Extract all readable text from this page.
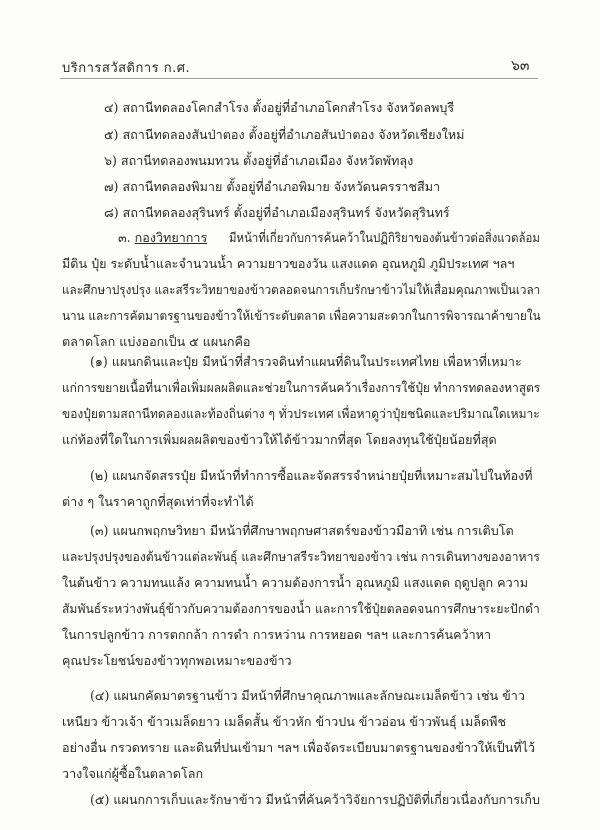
บริการสวัสดิการ ก.ศ.	๖๓
๔) สถานีทดลองโคกสำโรง ตั้งอยู่ที่อำเภอโคกสำโรง จังหวัดลพบุรี
๕) สถานีทดลองสันป่าตอง ตั้งอยู่ที่อำเภอสันป่าตอง จังหวัดเชียงใหม่
๖) สถานีทดลองพนมทวน ตั้งอยู่ที่อำเภอเมือง จังหวัดพัทลุง
๗) สถานีทดลองพิมาย ตั้งอยู่ที่อำเภอพิมาย จังหวัดนครราชสีมา
๘) สถานีทดลองสุรินทร์ ตั้งอยู่ที่อำเภอเมืองสุรินทร์ จังหวัดสุรินทร์
๓. กองวิทยาการ มีหน้าที่เกี่ยวกับการค้นคว้าในปฏิกิริยาของต้นข้าวต่อสิ่งแวดล้อม
มีดิน ปุ๋ย ระดับน้ำและจำนวนน้ำ ความยาวของวัน แสงแดด อุณหภูมิ ภูมิประเทศ ฯลฯ
และศึกษาปรุงปรุง และสรีระวิทยาของข้าวตลอดจนการเก็บรักษาข้าวไม่ให้เสื่อมคุณภาพเป็นเวลา
นาน และการคัดมาตรฐานของข้าวให้เข้าระดับตลาด เพื่อความสะดวกในการพิจารณาค้าขายใน
ตลาดโลก แบ่งออกเป็น ๕ แผนกคือ
(๑) แผนกดินและปุ๋ย มีหน้าที่สำรวจดินทำแผนที่ดินในประเทศไทย เพื่อหาที่เหมาะ
แก่การขยายเนื้อที่นาเพื่อเพิ่มผลผลิตและช่วยในการค้นคว้าเรื่องการใช้ปุ๋ย ทำการทดลองหาสูตร
ของปุ๋ยตามสถานีทดลองและท้องถิ่นต่าง ๆ ทั่วประเทศ เพื่อหาดูว่าปุ๋ยชนิดและปริมาณใดเหมาะ
แก่ท้องที่ใดในการเพิ่มผลผลิตของข้าวให้ได้ข้าวมากที่สุด โดยลงทุนใช้ปุ๋ยน้อยที่สุด
(๒) แผนกจัดสรรปุ๋ย มีหน้าที่ทำการซื้อและจัดสรรจำหน่ายปุ๋ยที่เหมาะสมไปในท้องที่
ต่าง ๆ ในราคาถูกที่สุดเท่าที่จะทำได้
(๓) แผนกพฤกษวิทยา มีหน้าที่ศึกษาพฤกษศาสตร์ของข้าวมีอาทิ เช่น การเติบโต
และปรุงปรุงของต้นข้าวแต่ละพันธุ์ และศึกษาสรีระวิทยาของข้าว เช่น การเดินทางของอาหาร
ในต้นข้าว ความทนแล้ง ความทนน้ำ ความต้องการน้ำ อุณหภูมิ แสงแดด ฤดูปลูก ความ
สัมพันธ์ระหว่างพันธุ์ข้าวกับความต้องการของน้ำ และการใช้ปุ๋ยตลอดจนการศึกษาระยะปักดำ
ในการปลูกข้าว การตกกล้า การดำ การหว่าน การหยอด ฯลฯ และการค้นคว้าหา
คุณประโยชน์ของข้าวทุกพอเหมาะของข้าว
(๔) แผนกคัดมาตรฐานข้าว มีหน้าที่ศึกษาคุณภาพและลักษณะเมล็ดข้าว เช่น ข้าว
เหนียว ข้าวเจ้า ข้าวเมล็ดยาว เมล็ดสั้น ข้าวหัก ข้าวปน ข้าวอ่อน ข้าวพันธุ์ เมล็ดพืช
อย่างอื่น กรวดทราย และดินที่ปนเข้ามา ฯลฯ เพื่อจัดระเบียบมาตรฐานของข้าวให้เป็นที่ไว้
วางใจแก่ผู้ซื้อในตลาดโลก
(๕) แผนกการเก็บและรักษาข้าว มีหน้าที่ค้นคว้าวิจัยการปฏิบัติที่เกี่ยวเนื่องกับการเก็บ
